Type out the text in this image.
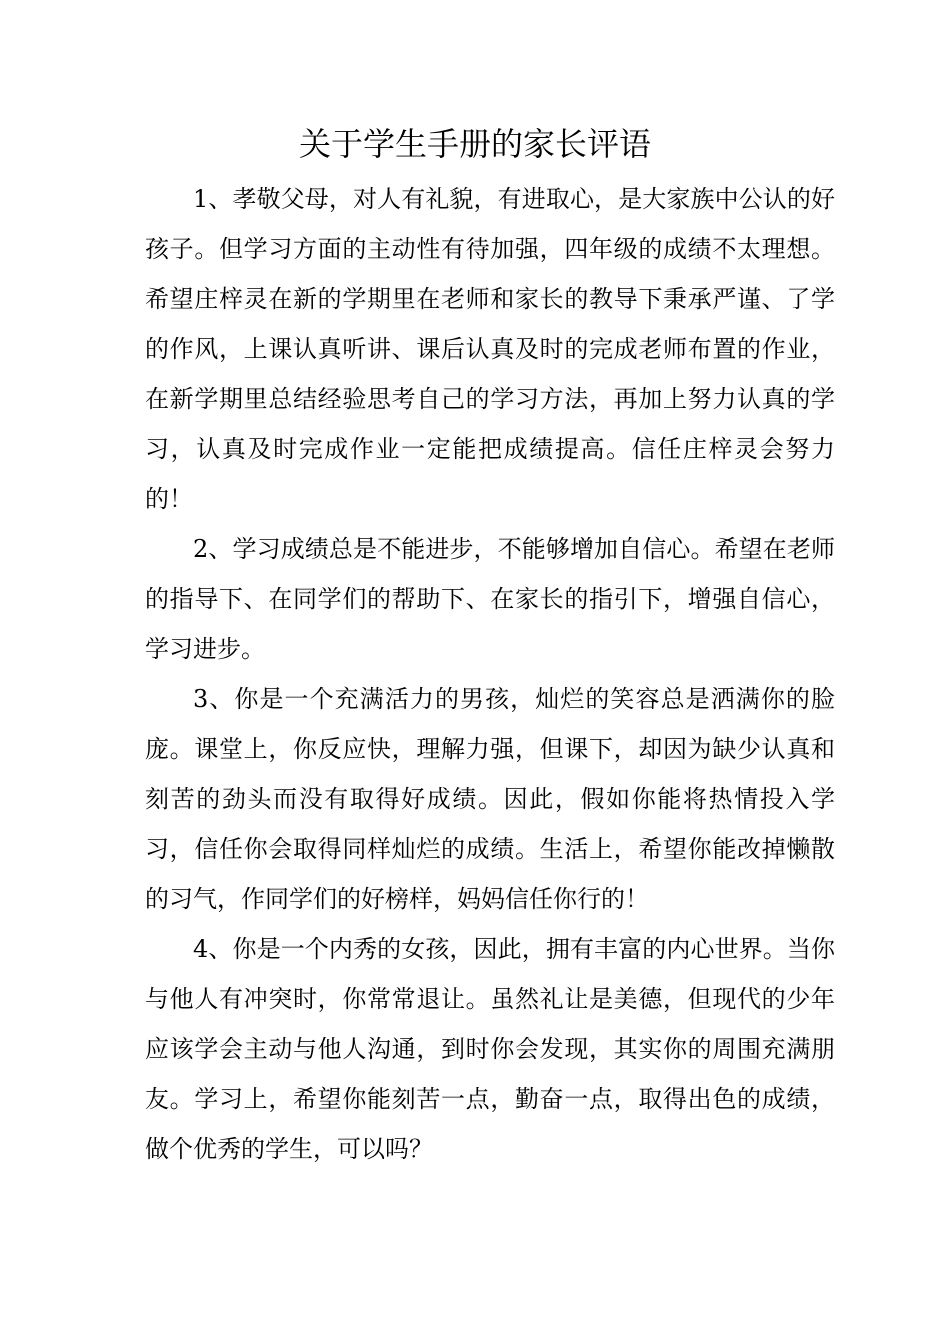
关于学生手册的家长评语

1、孝敬父母，对人有礼貌，有进取心，是大家族中公认的好孩子。但学习方面的主动性有待加强，四年级的成绩不太理想。希望庄梓灵在新的学期里在老师和家长的教导下秉承严谨、了学的作风，上课认真听讲、课后认真及时的完成老师布置的作业，在新学期里总结经验思考自己的学习方法，再加上努力认真的学习，认真及时完成作业一定能把成绩提高。信任庄梓灵会努力的！

2、学习成绩总是不能进步，不能够增加自信心。希望在老师的指导下、在同学们的帮助下、在家长的指引下，增强自信心，学习进步。

3、你是一个充满活力的男孩，灿烂的笑容总是洒满你的脸庞。课堂上，你反应快，理解力强，但课下，却因为缺少认真和刻苦的劲头而没有取得好成绩。因此，假如你能将热情投入学习，信任你会取得同样灿烂的成绩。生活上，希望你能改掉懒散的习气，作同学们的好榜样，妈妈信任你行的！

4、你是一个内秀的女孩，因此，拥有丰富的内心世界。当你与他人有冲突时，你常常退让。虽然礼让是美德，但现代的少年应该学会主动与他人沟通，到时你会发现，其实你的周围充满朋友。学习上，希望你能刻苦一点，勤奋一点，取得出色的成绩，做个优秀的学生，可以吗？
